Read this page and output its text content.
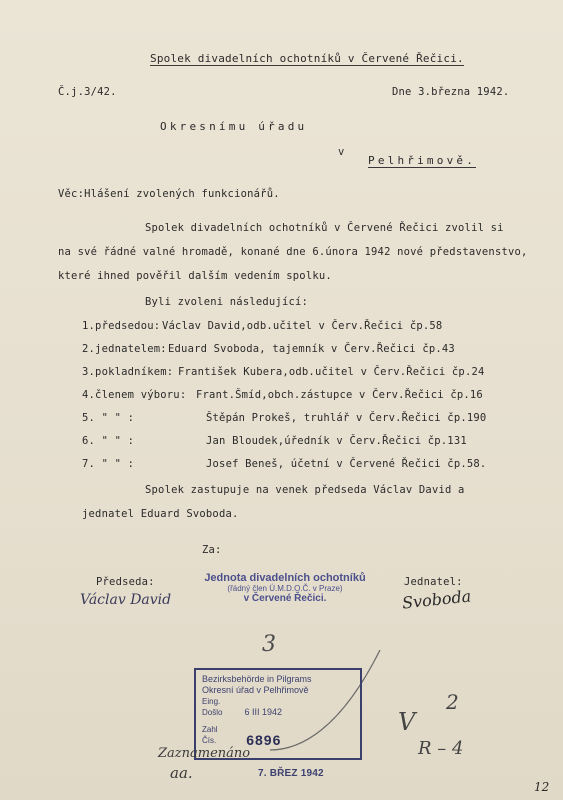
Spolek divadelních ochotníků v Červené Řečici.
Č.j.3/42.	Dne 3.března 1942.
Okresnímu úřadu
v
Pelhřimově.
Věc:Hlášení zvolených funkcionářů.
Spolek divadelních ochotníků v Červené Řečici zvolil si
na své řádné valné hromadě, konané dne 6.února 1942 nové představenstvo,
které ihned pověřil dalším vedením spolku.
Byli zvoleni následující:
1.předsedou: Václav David,odb.učitel v Červ.Řečici čp.58
2.jednatelem: Eduard Svoboda, tajemník v Červ.Řečici čp.43
3.pokladníkem: František Kubera,odb.učitel v Červ.Řečici čp.24
4.členem výboru: Frant.Šmíd,obch.zástupce v Červ.Řečici čp.16
5. " " :	Štěpán Prokeš, truhlář v Červ.Řečici čp.190
6. " " :	Jan Bloudek,úředník v Červ.Řečici čp.131
7. " " :	Josef Beneš, účetní v Červené Řečici čp.58.
Spolek zastupuje na venek předseda Václav David a
jednatel Eduard Svoboda.
Za:
Předseda:	Jednatel:
Václav David	Svoboda
Jednota divadelních ochotníků
(řádný člen Ú.M.D.O.Č. v Praze)
v Červené Řečici.
3
Bezirksbehörde in Pilgrams
Okresní úřad v Pelhřimově
Eing.
Došlo 6 III 1942
Zahl
Čís. 6896
2
V
R – 4
Zaznamenáno
aa.	7. BŘEZ 1942
12
